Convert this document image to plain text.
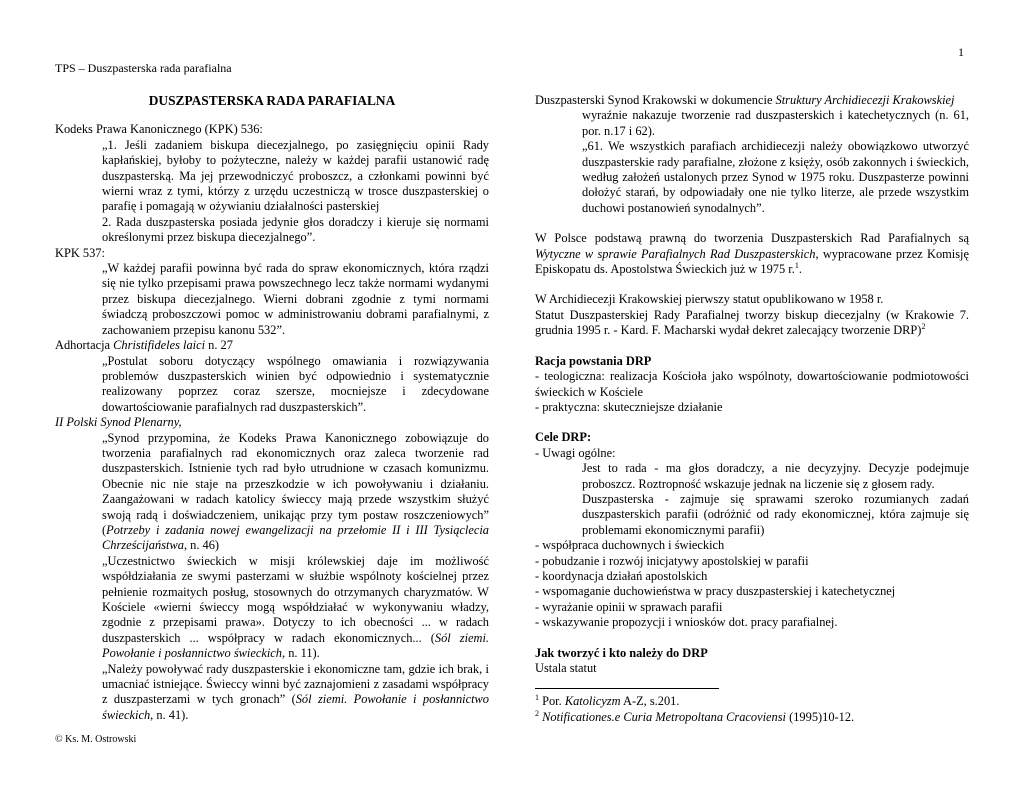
1
TPS – Duszpasterska rada parafialna

DUSZPASTERSKA RADA PARAFIALNA

Kodeks Prawa Kanonicznego (KPK) 536:

„1. Jeśli zadaniem biskupa diecezjalnego, po zasięgnięciu opinii Rady kapłańskiej, byłoby to pożyteczne, należy w każdej parafii ustanowić radę duszpasterską. Ma jej przewodniczyć proboszcz, a członkami powinni być wierni wraz z tymi, którzy z urzędu uczestniczą w trosce duszpasterskiej o parafię i pomagają w ożywianiu działalności pasterskiej

2. Rada duszpasterska posiada jedynie głos doradczy i kieruje się normami określonymi przez biskupa diecezjalnego”.

KPK 537:

„W każdej parafii powinna być rada do spraw ekonomicznych, która rządzi się nie tylko przepisami prawa powszechnego lecz także normami wydanymi przez biskupa diecezjalnego. Wierni dobrani zgodnie z tymi normami świadczą proboszczowi pomoc w administrowaniu dobrami parafialnymi, z zachowaniem przepisu kanonu 532”.

Adhortacja Christifideles laici n. 27

„Postulat soboru dotyczący wspólnego omawiania i rozwiązywania problemów duszpasterskich winien być odpowiednio i systematycznie realizowany poprzez coraz szersze, mocniejsze i zdecydowane dowartościowanie parafialnych rad duszpasterskich”.

II Polski Synod Plenarny,

„Synod przypomina, że Kodeks Prawa Kanonicznego zobowiązuje do tworzenia parafialnych rad ekonomicznych oraz zaleca tworzenie rad duszpasterskich. Istnienie tych rad było utrudnione w czasach komunizmu. Obecnie nic nie staje na przeszkodzie w ich powoływaniu i działaniu. Zaangażowani w radach katolicy świeccy mają przede wszystkim służyć swoją radą i doświadczeniem, unikając przy tym postaw roszczeniowych” (Potrzeby i zadania nowej ewangelizacji na przełomie II i III Tysiąclecia Chrześcijaństwa, n. 46)

„Uczestnictwo świeckich w misji królewskiej daje im możliwość współdziałania ze swymi pasterzami w służbie wspólnoty kościelnej przez pełnienie rozmaitych posług, stosownych do otrzymanych charyzmatów. W Kościele «wierni świeccy mogą współdziałać w wykonywaniu władzy, zgodnie z przepisami prawa». Dotyczy to ich obecności ... w radach duszpasterskich ... współpracy w radach ekonomicznych... (Sól ziemi. Powołanie i posłannictwo świeckich, n. 11).

„Należy powoływać rady duszpasterskie i ekonomiczne tam, gdzie ich brak, i umacniać istniejące. Świeccy winni być zaznajomieni z zasadami współpracy z duszpasterzami w tych gronach” (Sól ziemi. Powołanie i posłannictwo świeckich, n. 41).

Duszpasterski Synod Krakowski w dokumencie Struktury Archidiecezji Krakowskiej

wyraźnie nakazuje tworzenie rad duszpasterskich i katechetycznych (n. 61, por. n.17 i 62).

„61. We wszystkich parafiach archidiecezji należy obowiązkowo utworzyć duszpasterskie rady parafialne, złożone z księży, osób zakonnych i świeckich, według założeń ustalonych przez Synod w 1975 roku. Duszpasterze powinni dołożyć starań, by odpowiadały one nie tylko literze, ale przede wszystkim duchowi postanowień synodalnych”.

W Polsce podstawą prawną do tworzenia Duszpasterskich Rad Parafialnych są Wytyczne w sprawie Parafialnych Rad Duszpasterskich, wypracowane przez Komisję Episkopatu ds. Apostolstwa Świeckich już w 1975 r.$^1$.

W Archidiecezji Krakowskiej pierwszy statut opublikowano w 1958 r.

Statut Duszpasterskiej Rady Parafialnej tworzy biskup diecezjalny (w Krakowie 7. grudnia 1995 r. - Kard. F. Macharski wydał dekret zalecający tworzenie DRP)$^2$

Racja powstania DRP

- teologiczna: realizacja Kościoła jako wspólnoty, dowartościowanie podmiotowości świeckich w Kościele

- praktyczna: skuteczniejsze działanie

Cele DRP:

- Uwagi ogólne:

Jest to rada - ma głos doradczy, a nie decyzyjny. Decyzje podejmuje proboszcz. Roztropność wskazuje jednak na liczenie się z głosem rady.

Duszpasterska - zajmuje się sprawami szeroko rozumianych zadań duszpasterskich parafii (odróżnić od rady ekonomicznej, która zajmuje się problemami ekonomicznymi parafii)

- współpraca duchownych i świeckich

- pobudzanie i rozwój inicjatywy apostolskiej w parafii

- koordynacja działań apostolskich

- wspomaganie duchowieństwa w pracy duszpasterskiej i katechetycznej

- wyrażanie opinii w sprawach parafii

- wskazywanie propozycji i wniosków dot. pracy parafialnej.

Jak tworzyć i kto należy do DRP

Ustala statut

$^1$ Por. Katolicyzm A-Z, s.201.

$^2$ Notificationes.e Curia Metropoltana Cracoviensi (1995)10-12.

© Ks. M. Ostrowski
